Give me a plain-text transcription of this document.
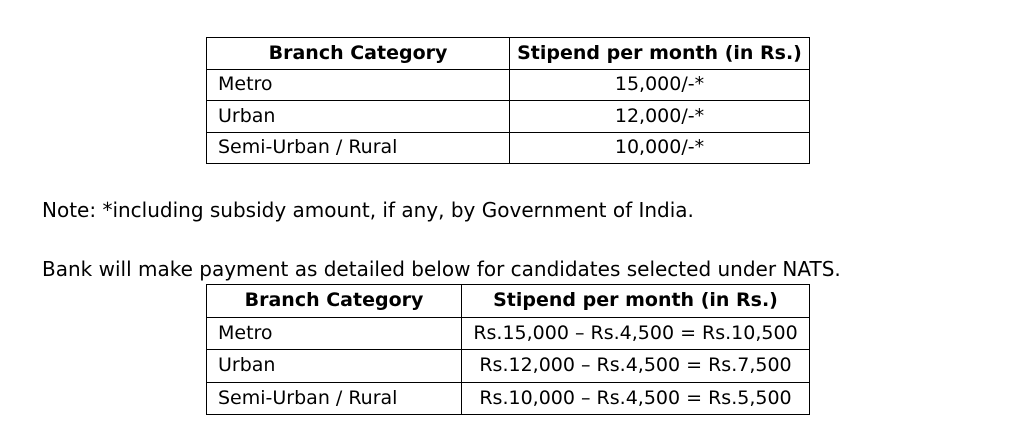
Branch Category	Stipend per month (in Rs.)
Metro	15,000/-*
Urban	12,000/-*
Semi-Urban / Rural	10,000/-*
Note: *including subsidy amount, if any, by Government of India.
Bank will make payment as detailed below for candidates selected under NATS.
Branch Category	Stipend per month (in Rs.)
Metro	Rs.15,000 – Rs.4,500 = Rs.10,500
Urban	Rs.12,000 – Rs.4,500 = Rs.7,500
Semi-Urban / Rural	Rs.10,000 – Rs.4,500 = Rs.5,500
